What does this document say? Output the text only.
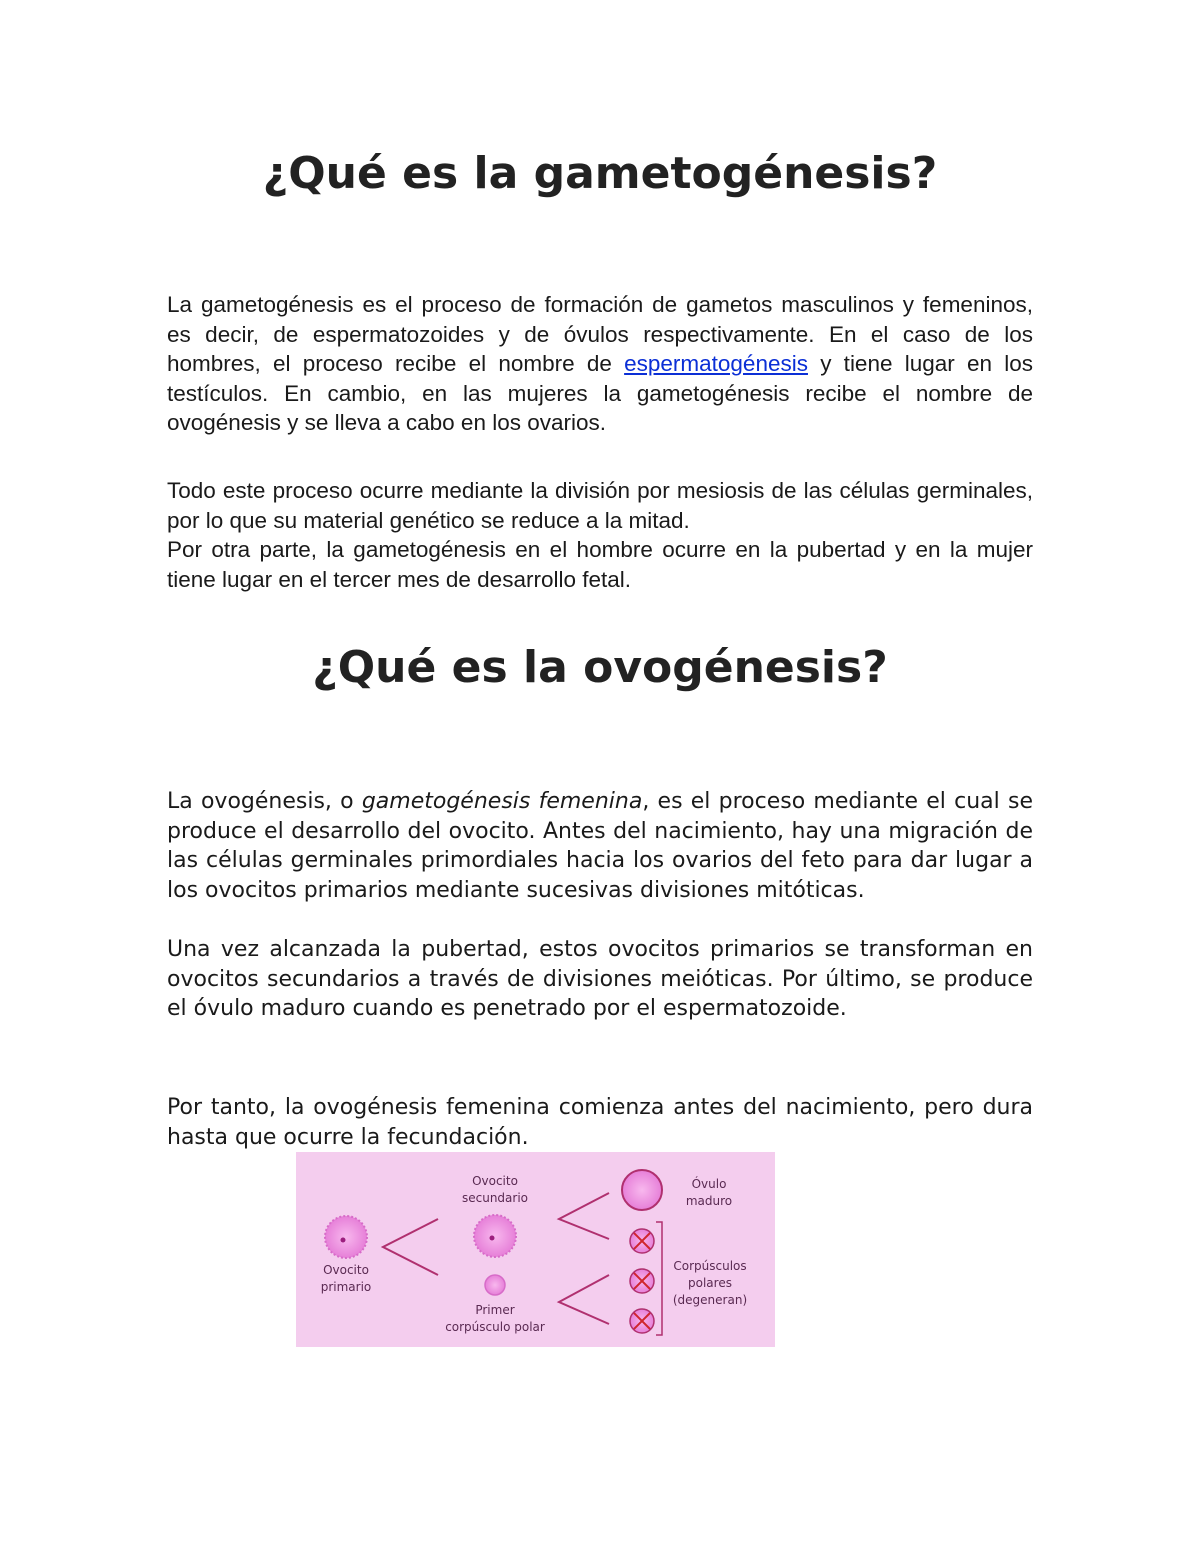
¿Qué es la gametogénesis?

La gametogénesis es el proceso de formación de gametos masculinos y femeninos, es decir, de espermatozoides y de óvulos respectivamente. En el caso de los hombres, el proceso recibe el nombre de espermatogénesis y tiene lugar en los testículos. En cambio, en las mujeres la gametogénesis recibe el nombre de ovogénesis y se lleva a cabo en los ovarios.

Todo este proceso ocurre mediante la división por mesiosis de las células germinales, por lo que su material genético se reduce a la mitad.

Por otra parte, la gametogénesis en el hombre ocurre en la pubertad y en la mujer tiene lugar en el tercer mes de desarrollo fetal.

¿Qué es la ovogénesis?

La ovogénesis, o gametogénesis femenina, es el proceso mediante el cual se produce el desarrollo del ovocito. Antes del nacimiento, hay una migración de las células germinales primordiales hacia los ovarios del feto para dar lugar a los ovocitos primarios mediante sucesivas divisiones mitóticas.

Una vez alcanzada la pubertad, estos ovocitos primarios se transforman en ovocitos secundarios a través de divisiones meióticas. Por último, se produce el óvulo maduro cuando es penetrado por el espermatozoide.

Por tanto, la ovogénesis femenina comienza antes del nacimiento, pero dura hasta que ocurre la fecundación.

Ovocito
primario
Ovocito
secundario
Primer
corpúsculo polar
Óvulo
maduro
Corpúsculos
polares
(degeneran)
